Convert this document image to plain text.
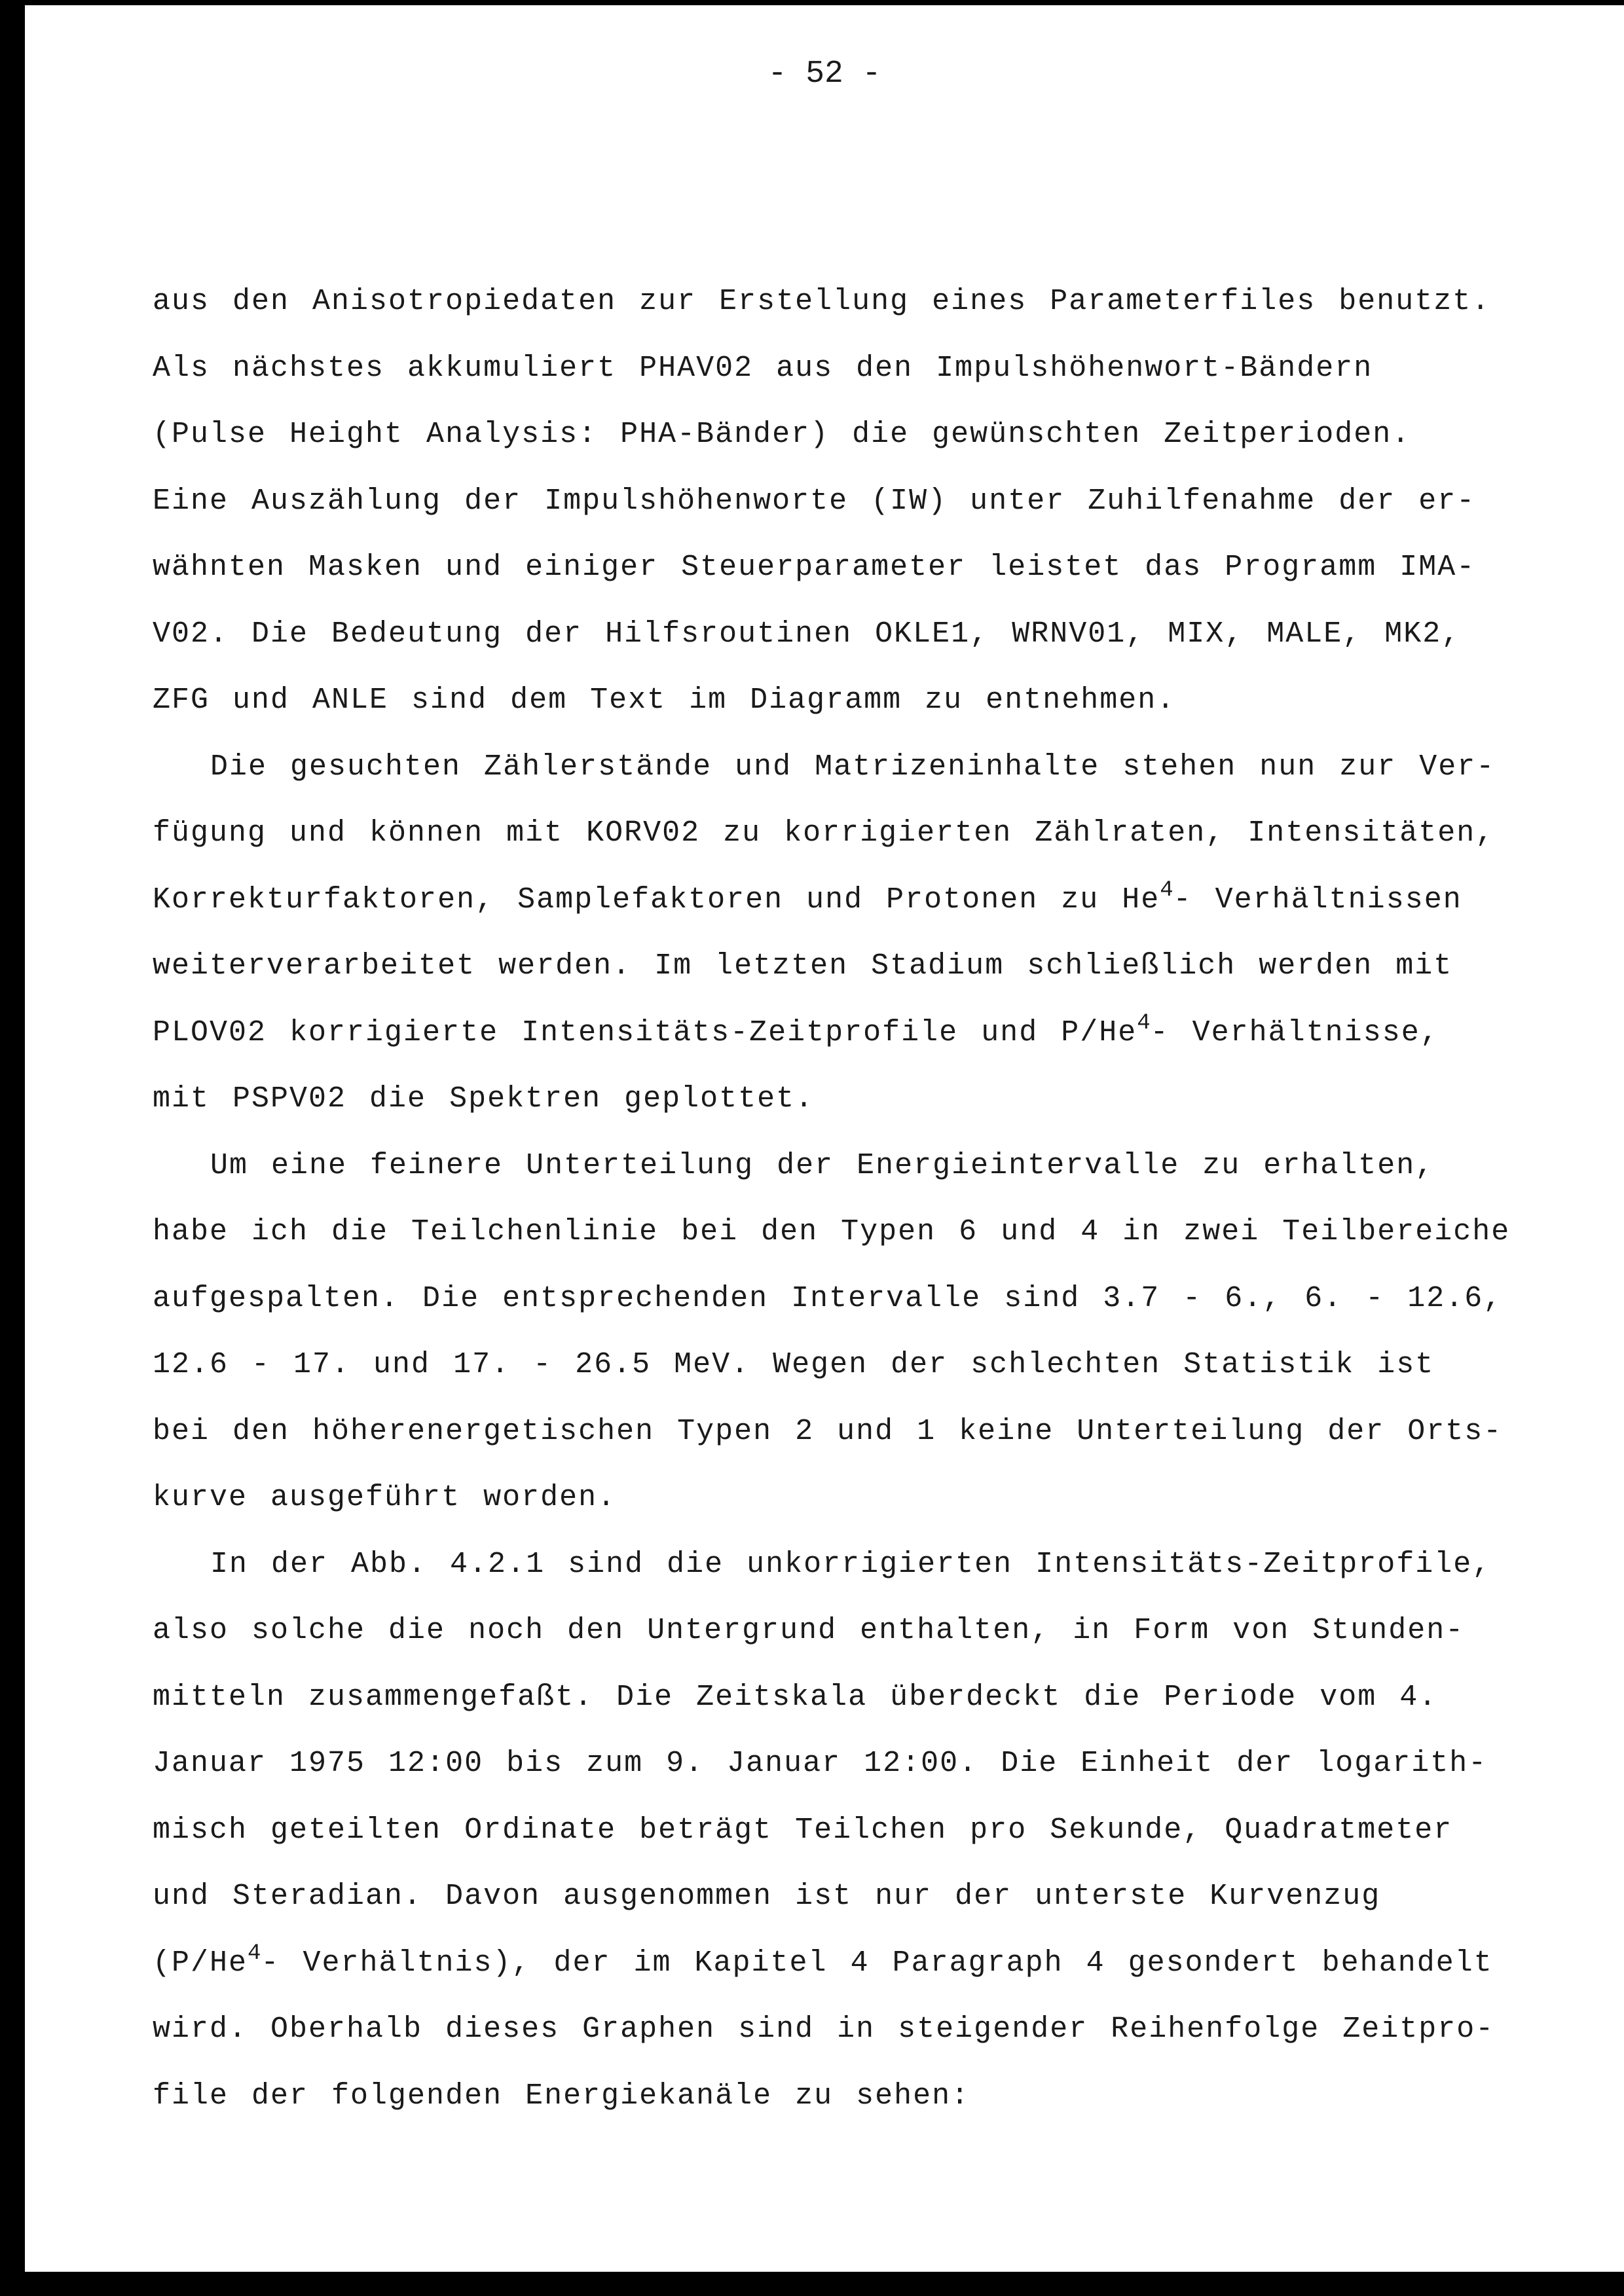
- 52 -
aus den Anisotropiedaten zur Erstellung eines Parameterfiles benutzt.
Als nächstes akkumuliert PHAV02 aus den Impulshöhenwort-Bändern
(Pulse Height Analysis: PHA-Bänder) die gewünschten Zeitperioden.
Eine Auszählung der Impulshöhenworte (IW) unter Zuhilfenahme der er-
wähnten Masken und einiger Steuerparameter leistet das Programm IMA-
V02. Die Bedeutung der Hilfsroutinen OKLE1, WRNV01, MIX, MALE, MK2,
ZFG und ANLE sind dem Text im Diagramm zu entnehmen.
Die gesuchten Zählerstände und Matrizeninhalte stehen nun zur Ver-
fügung und können mit KORV02 zu korrigierten Zählraten, Intensitäten,
Korrekturfaktoren, Samplefaktoren und Protonen zu He$^4$- Verhältnissen
weiterverarbeitet werden. Im letzten Stadium schließlich werden mit
PLOV02 korrigierte Intensitäts-Zeitprofile und P/He$^4$- Verhältnisse,
mit PSPV02 die Spektren geplottet.
Um eine feinere Unterteilung der Energieintervalle zu erhalten,
habe ich die Teilchenlinie bei den Typen 6 und 4 in zwei Teilbereiche
aufgespalten. Die entsprechenden Intervalle sind 3.7 - 6., 6. - 12.6,
12.6 - 17. und 17. - 26.5 MeV. Wegen der schlechten Statistik ist
bei den höherenergetischen Typen 2 und 1 keine Unterteilung der Orts-
kurve ausgeführt worden.
In der Abb. 4.2.1 sind die unkorrigierten Intensitäts-Zeitprofile,
also solche die noch den Untergrund enthalten, in Form von Stunden-
mitteln zusammengefaßt. Die Zeitskala überdeckt die Periode vom 4.
Januar 1975 12:00 bis zum 9. Januar 12:00. Die Einheit der logarith-
misch geteilten Ordinate beträgt Teilchen pro Sekunde, Quadratmeter
und Steradian. Davon ausgenommen ist nur der unterste Kurvenzug
(P/He$^4$- Verhältnis), der im Kapitel 4 Paragraph 4 gesondert behandelt
wird. Oberhalb dieses Graphen sind in steigender Reihenfolge Zeitpro-
file der folgenden Energiekanäle zu sehen:
